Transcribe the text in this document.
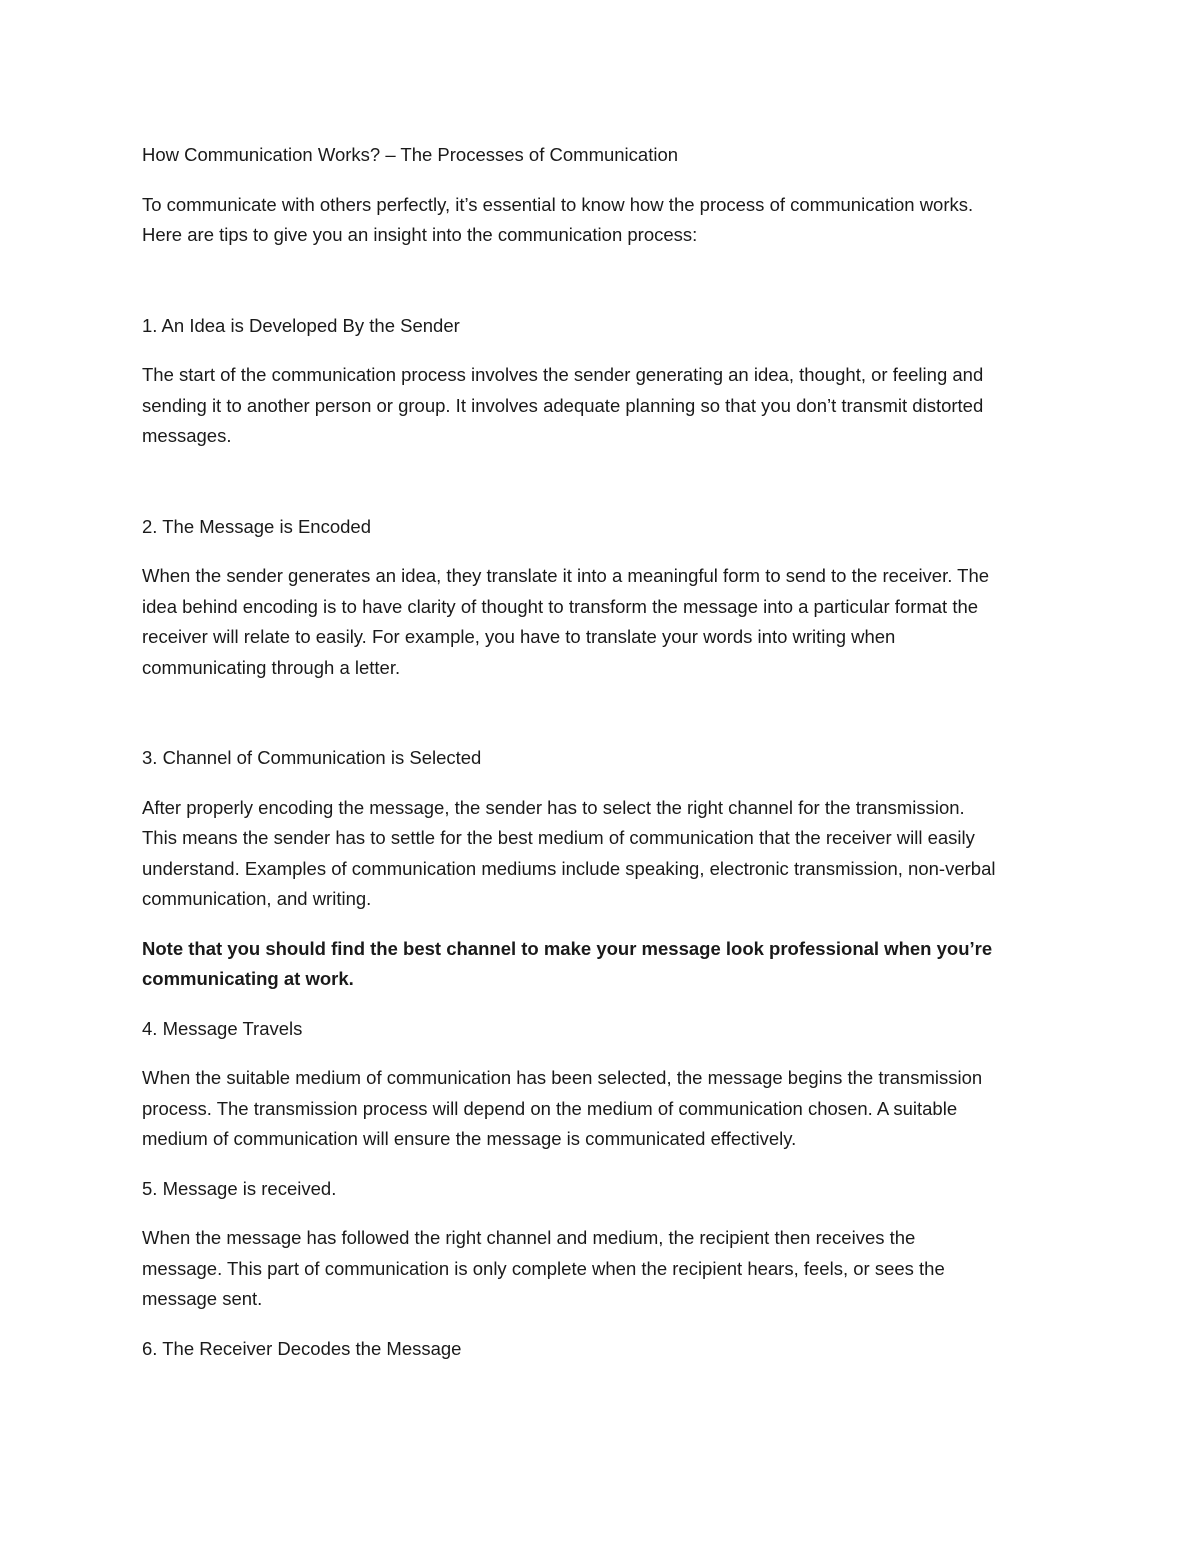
How Communication Works? – The Processes of Communication

To communicate with others perfectly, it’s essential to know how the process of communication works.
Here are tips to give you an insight into the communication process:

1. An Idea is Developed By the Sender

The start of the communication process involves the sender generating an idea, thought, or feeling and
sending it to another person or group. It involves adequate planning so that you don’t transmit distorted
messages.

2. The Message is Encoded

When the sender generates an idea, they translate it into a meaningful form to send to the receiver. The
idea behind encoding is to have clarity of thought to transform the message into a particular format the
receiver will relate to easily. For example, you have to translate your words into writing when
communicating through a letter.

3. Channel of Communication is Selected

After properly encoding the message, the sender has to select the right channel for the transmission.
This means the sender has to settle for the best medium of communication that the receiver will easily
understand. Examples of communication mediums include speaking, electronic transmission, non-verbal
communication, and writing.

Note that you should find the best channel to make your message look professional when you’re
communicating at work.

4. Message Travels

When the suitable medium of communication has been selected, the message begins the transmission
process. The transmission process will depend on the medium of communication chosen. A suitable
medium of communication will ensure the message is communicated effectively.

5. Message is received.

When the message has followed the right channel and medium, the recipient then receives the
message. This part of communication is only complete when the recipient hears, feels, or sees the
message sent.

6. The Receiver Decodes the Message
